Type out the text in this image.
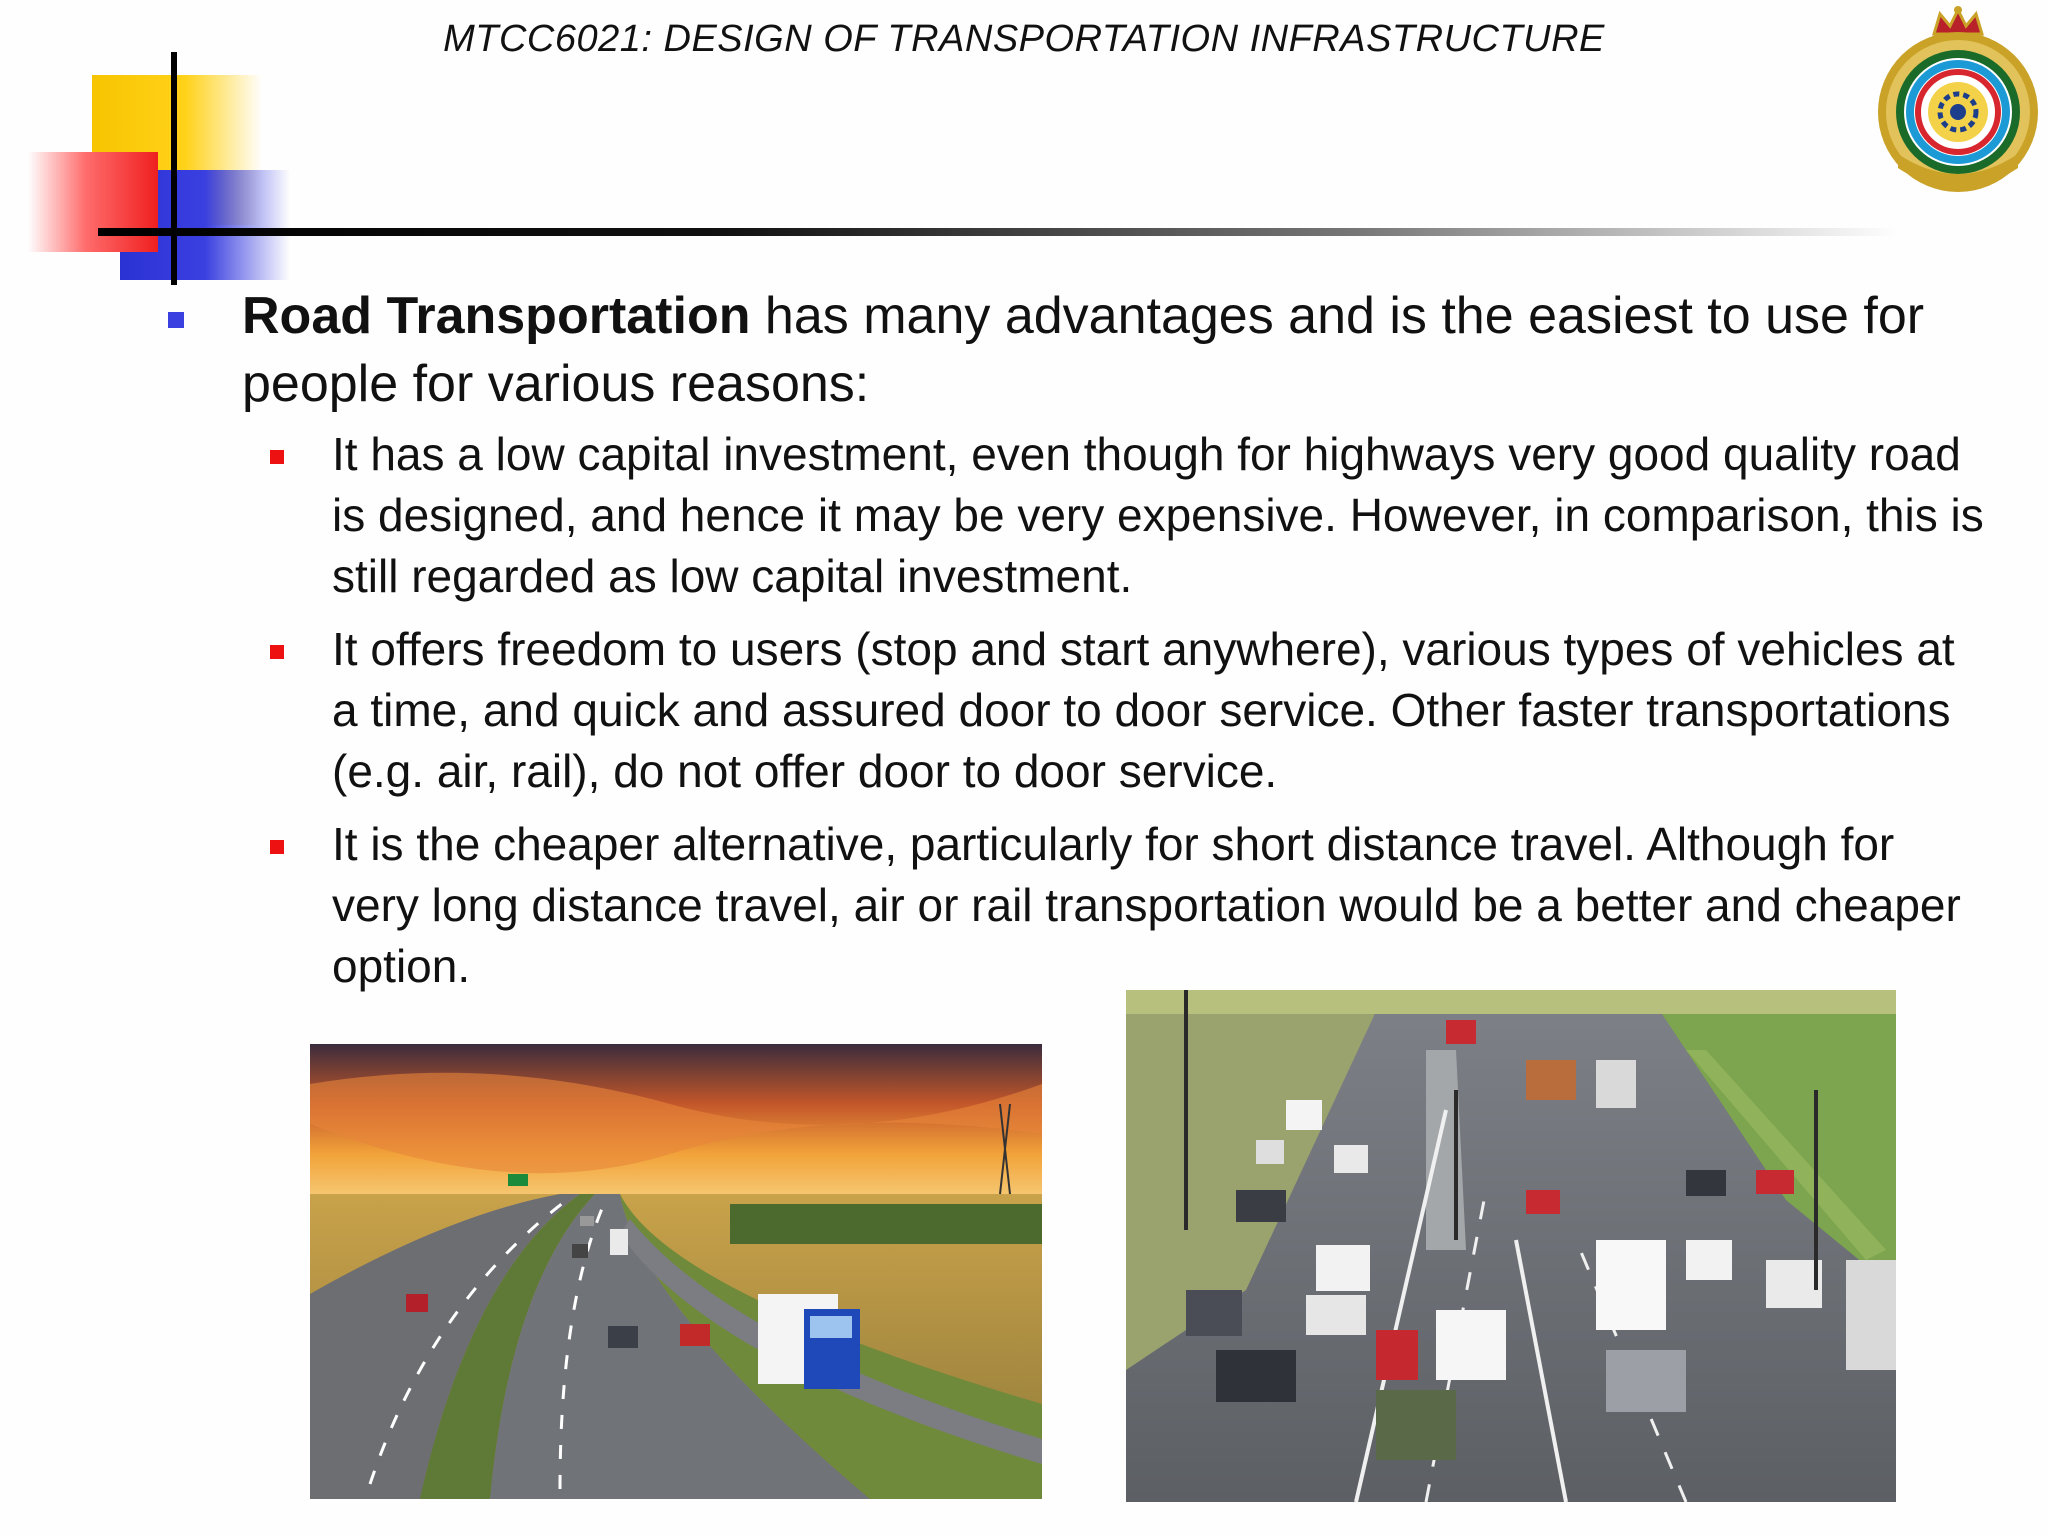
MTCC6021: DESIGN OF TRANSPORTATION INFRASTRUCTURE
Road Transportation has many advantages and is the easiest to use for people for various reasons:
It has a low capital investment, even though for highways very good quality road is designed, and hence it may be very expensive. However, in comparison, this is still regarded as low capital investment.
It offers freedom to users (stop and start anywhere), various types of vehicles at a time, and quick and assured door to door service. Other faster transportations (e.g. air, rail), do not offer door to door service.
It is the cheaper alternative, particularly for short distance travel. Although for very long distance travel, air or rail transportation would be a better and cheaper option.
